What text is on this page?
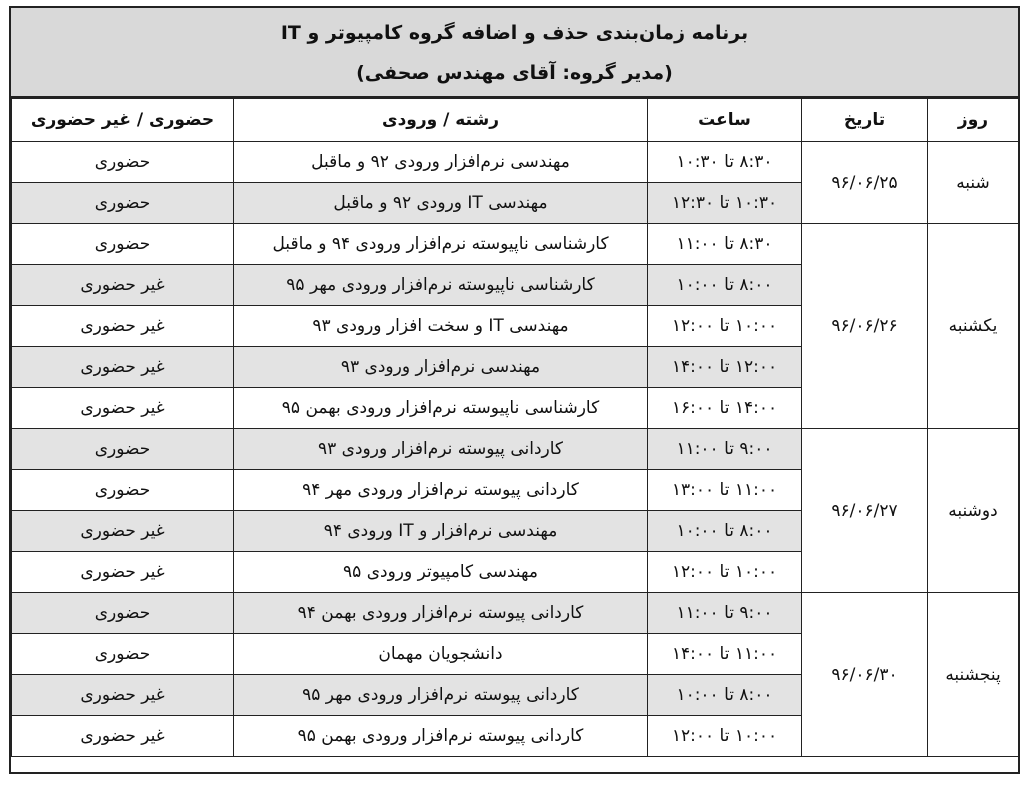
برنامه زمان‌بندی حذف و اضافه گروه کامپیوتر و IT
(مدیر گروه: آقای مهندس صحفی)
روز	تاریخ	ساعت	رشته / ورودی	حضوری / غیر حضوری
شنبه	۹۶/۰۶/۲۵	۸:۳۰ تا ۱۰:۳۰	مهندسی نرم‌افزار ورودی ۹۲ و ماقبل	حضوری
		۱۰:۳۰ تا ۱۲:۳۰	مهندسی IT ورودی ۹۲ و ماقبل	حضوری
یکشنبه	۹۶/۰۶/۲۶	۸:۳۰ تا ۱۱:۰۰	کارشناسی ناپیوسته نرم‌افزار ورودی ۹۴ و ماقبل	حضوری
		۸:۰۰ تا ۱۰:۰۰	کارشناسی ناپیوسته نرم‌افزار ورودی مهر ۹۵	غیر حضوری
		۱۰:۰۰ تا ۱۲:۰۰	مهندسی IT و سخت افزار ورودی ۹۳	غیر حضوری
		۱۲:۰۰ تا ۱۴:۰۰	مهندسی نرم‌افزار ورودی ۹۳	غیر حضوری
		۱۴:۰۰ تا ۱۶:۰۰	کارشناسی ناپیوسته نرم‌افزار ورودی بهمن ۹۵	غیر حضوری
دوشنبه	۹۶/۰۶/۲۷	۹:۰۰ تا ۱۱:۰۰	کاردانی پیوسته نرم‌افزار ورودی ۹۳	حضوری
		۱۱:۰۰ تا ۱۳:۰۰	کاردانی پیوسته نرم‌افزار ورودی مهر ۹۴	حضوری
		۸:۰۰ تا ۱۰:۰۰	مهندسی نرم‌افزار و IT ورودی ۹۴	غیر حضوری
		۱۰:۰۰ تا ۱۲:۰۰	مهندسی کامپیوتر ورودی ۹۵	غیر حضوری
پنجشنبه	۹۶/۰۶/۳۰	۹:۰۰ تا ۱۱:۰۰	کاردانی پیوسته نرم‌افزار ورودی بهمن ۹۴	حضوری
		۱۱:۰۰ تا ۱۴:۰۰	دانشجویان مهمان	حضوری
		۸:۰۰ تا ۱۰:۰۰	کاردانی پیوسته نرم‌افزار ورودی مهر ۹۵	غیر حضوری
		۱۰:۰۰ تا ۱۲:۰۰	کاردانی پیوسته نرم‌افزار ورودی بهمن ۹۵	غیر حضوری
